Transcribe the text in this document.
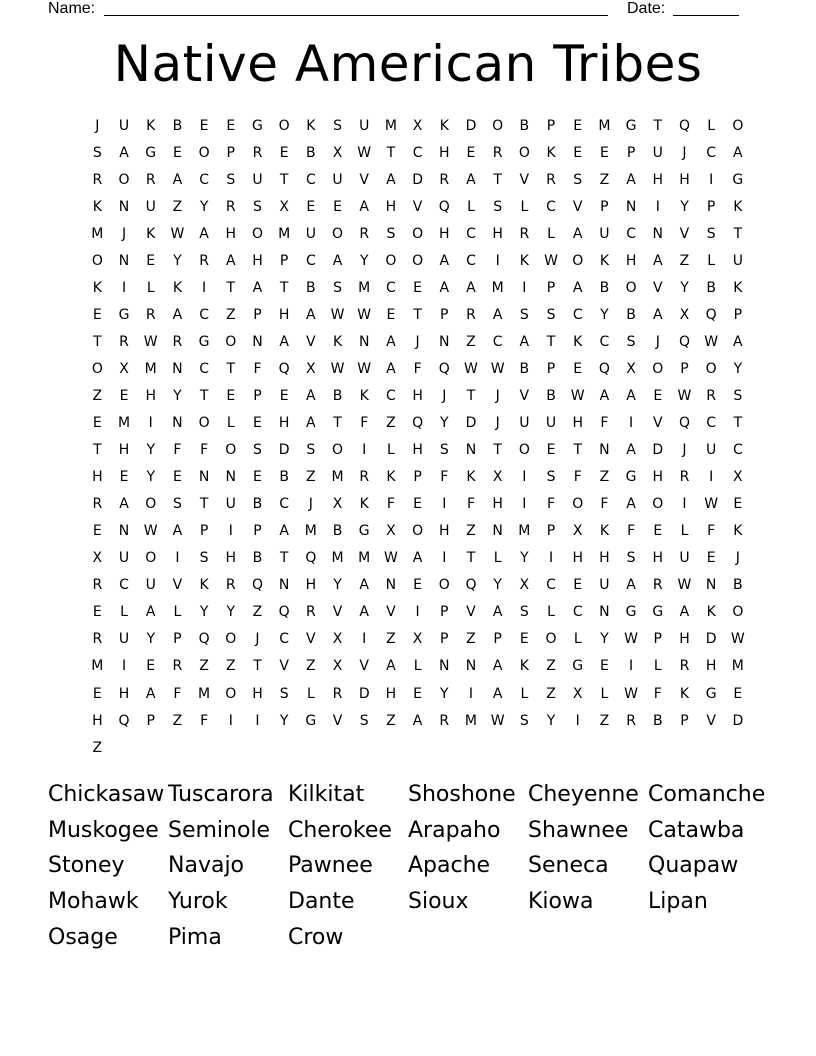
Name:	Date:
Native American Tribes
J	U	K	B	E	E	G	O	K	S	U	M	X	K	D	O	B	P	E	M	G	T	Q	L	O
S	A	G	E	O	P	R	E	B	X	W	T	C	H	E	R	O	K	E	E	P	U	J	C	A
R	O	R	A	C	S	U	T	C	U	V	A	D	R	A	T	V	R	S	Z	A	H	H	I	G
K	N	U	Z	Y	R	S	X	E	E	A	H	V	Q	L	S	L	C	V	P	N	I	Y	P	K
M	J	K	W	A	H	O	M	U	O	R	S	O	H	C	H	R	L	A	U	C	N	V	S	T
O	N	E	Y	R	A	H	P	C	A	Y	O	O	A	C	I	K	W	O	K	H	A	Z	L	U
K	I	L	K	I	T	A	T	B	S	M	C	E	A	A	M	I	P	A	B	O	V	Y	B	K
E	G	R	A	C	Z	P	H	A	W W	E	T	P	R	A	S	S	C	Y	B	A	X	Q	P
T	R	W	R	G	O	N	A	V	K	N	A	J	N	Z	C	A	T	K	C	S	J	Q	W	A
O	X	M	N	C	T	F	Q	X	W W	A	F	Q	W W	B	P	E	Q	X	O	P	O	Y
Z	E	H	Y	T	E	P	E	A	B	K	C	H	J	T	J	V	B	W	A	A	E	W	R	S
E	M	I	N	O	L	E	H	A	T	F	Z	Q	Y	D	J	U	U	H	F	I	V	Q	C	T
T	H	Y	F	F	O	S	D	S	O	I	L	H	S	N	T	O	E	T	N	A	D	J	U	C
H	E	Y	E	N	N	E	B	Z	M	R	K	P	F	K	X	I	S	F	Z	G	H	R	I	X
R	A	O	S	T	U	B	C	J	X	K	F	E	I	F	H	I	F	O	F	A	O	I	W	E
E	N	W	A	P	I	P	A	M	B	G	X	O	H	Z	N	M	P	X	K	F	E	L	F	K
X	U	O	I	S	H	B	T	Q	M	M W	A	I	T	L	Y	I	H	H	S	H	U	E	J
R	C	U	V	K	R	Q	N	H	Y	A	N	E	O	Q	Y	X	C	E	U	A	R	W	N	B
E	L	A	L	Y	Y	Z	Q	R	V	A	V	I	P	V	A	S	L	C	N	G	G	A	K	O
R	U	Y	P	Q	O	J	C	V	X	I	Z	X	P	Z	P	E	O	L	Y	W	P	H	D	W
M	I	E	R	Z	Z	T	V	Z	X	V	A	L	N	N	A	K	Z	G	E	I	L	R	H	M
E	H	A	F	M	O	H	S	L	R	D	H	E	Y	I	A	L	Z	X	L	W	F	K	G	E
H	Q	P	Z	F	I	I	Y	G	V	S	Z	A	R	M W	S	Y	I	Z	R	B	P	V	D
Z
Chickasaw Tuscarora Kilkitat	Shoshone Cheyenne Comanche
Muskogee Seminole Cherokee Arapaho	Shawnee Catawba
Stoney	Navajo	Pawnee	Apache	Seneca	Quapaw
Mohawk	Yurok	Dante	Sioux	Kiowa	Lipan
Osage	Pima	Crow
